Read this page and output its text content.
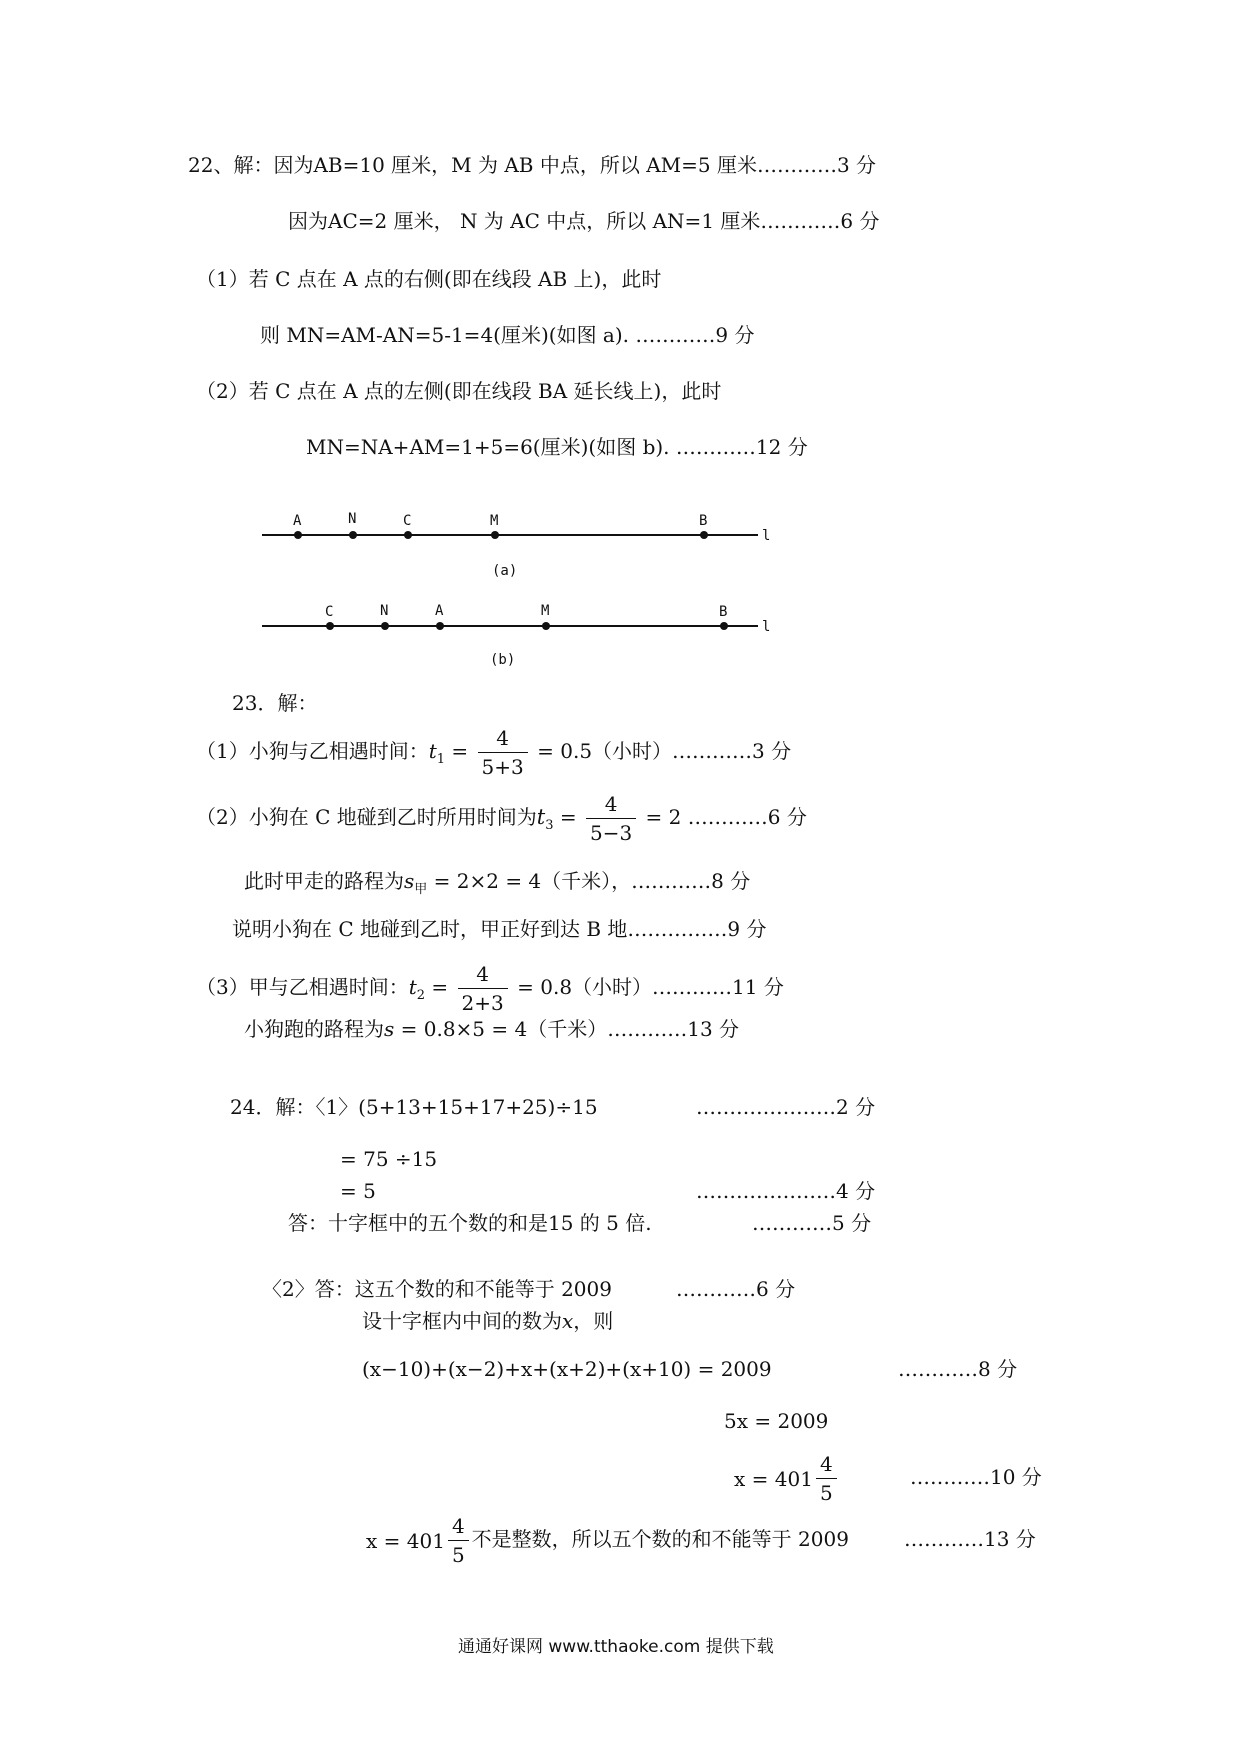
22、解：因为AB=10 厘米，M 为 AB 中点，所以 AM=5 厘米…………3 分
因为AC=2 厘米， N 为 AC 中点，所以 AN=1 厘米…………6 分
（1）若 C 点在 A 点的右侧(即在线段 AB 上)，此时
则 MN=AM-AN=5-1=4(厘米)(如图 a). …………9 分
（2）若 C 点在 A 点的左侧(即在线段 BA 延长线上)，此时
MN=NA+AM=1+5=6(厘米)(如图 b). …………12 分
A	N	C	M	B
l
(a)
C	N	A	M	B
l
(b)
23．解：
（1）小狗与乙相遇时间：$t_1 = \frac{4}{5+3} = 0.5$（小时）…………3 分
（2）小狗在 C 地碰到乙时所用时间为$t_3 = \frac{4}{5-3} = 2$ …………6 分
此时甲走的路程为$s_甲 = 2\times 2 = 4$（千米），…………8 分
说明小狗在 C 地碰到乙时，甲正好到达 B 地……………9 分
（3）甲与乙相遇时间：$t_2 = \frac{4}{2+3} = 0.8$（小时）…………11 分
小狗跑的路程为s = 0.8×5 = 4（千米）…………13 分
24．解：〈1〉(5+13+15+17+25)÷15	…………………2 分
= 75 ÷15
= 5	…………………4 分
答：十字框中的五个数的和是15 的 5 倍.	…………5 分
〈2〉答：这五个数的和不能等于 2009	…………6 分
设十字框内中间的数为x，则
(x−10)+(x−2)+x+(x+2)+(x+10) = 2009	…………8 分
5x = 2009
$x = 401 \frac{4}{5}$	…………10 分
$x = 401 \frac{4}{5}$ 不是整数，所以五个数的和不能等于 2009	…………13 分
通通好课网 www.tthaoke.com 提供下载
